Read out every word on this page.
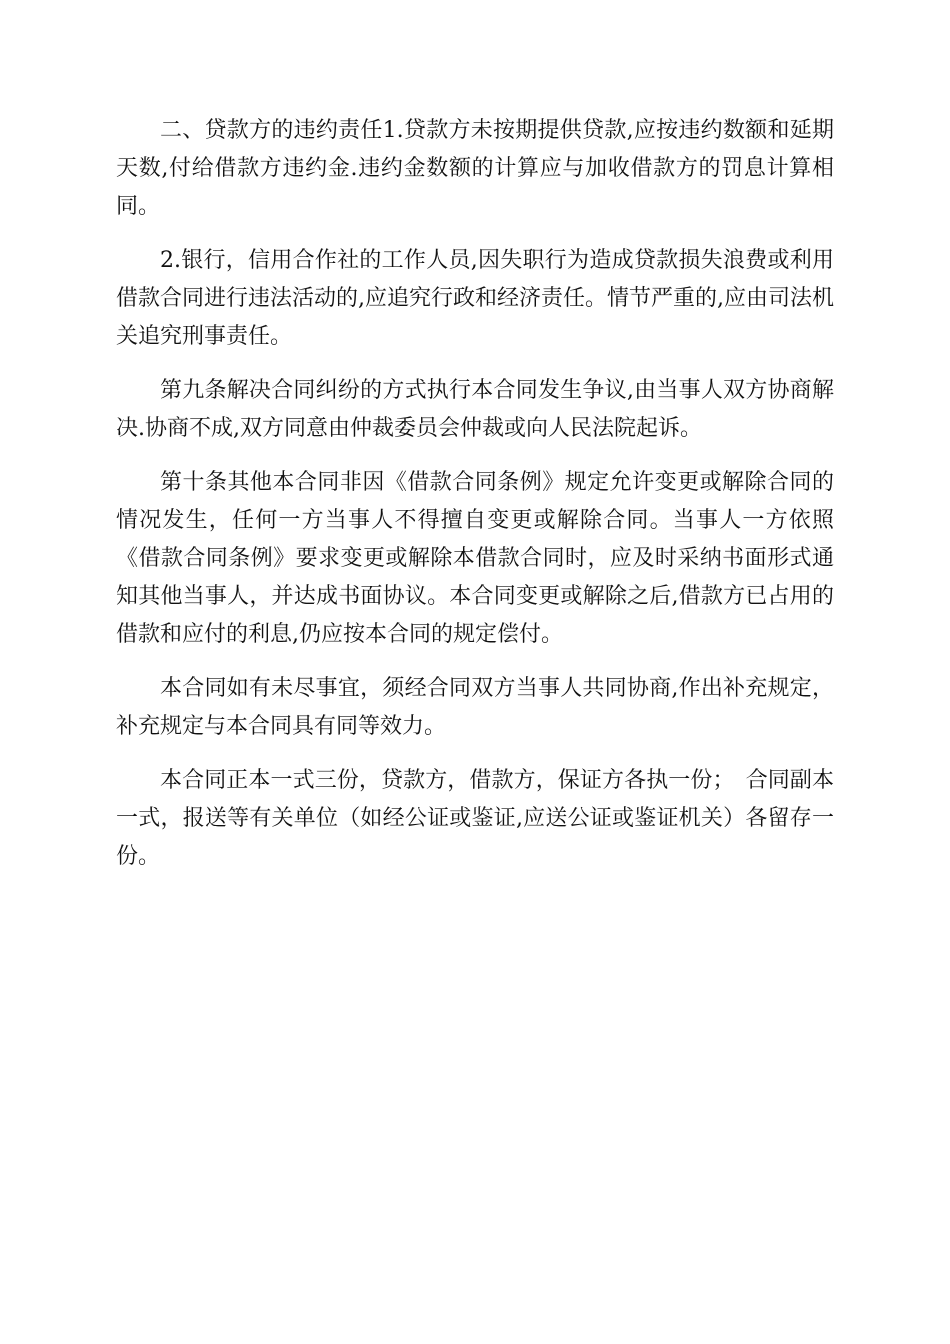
二、贷款方的违约责任1.贷款方未按期提供贷款,应按违约数额和延期天数,付给借款方违约金.违约金数额的计算应与加收借款方的罚息计算相同。

2.银行，信用合作社的工作人员,因失职行为造成贷款损失浪费或利用借款合同进行违法活动的,应追究行政和经济责任。情节严重的,应由司法机关追究刑事责任。

第九条解决合同纠纷的方式执行本合同发生争议,由当事人双方协商解决.协商不成,双方同意由仲裁委员会仲裁或向人民法院起诉。

第十条其他本合同非因《借款合同条例》规定允许变更或解除合同的情况发生，任何一方当事人不得擅自变更或解除合同。当事人一方依照《借款合同条例》要求变更或解除本借款合同时，应及时采纳书面形式通知其他当事人，并达成书面协议。本合同变更或解除之后,借款方已占用的借款和应付的利息,仍应按本合同的规定偿付。

本合同如有未尽事宜，须经合同双方当事人共同协商,作出补充规定，补充规定与本合同具有同等效力。

本合同正本一式三份，贷款方，借款方，保证方各执一份；　合同副本一式，报送等有关单位（如经公证或鉴证,应送公证或鉴证机关）各留存一份。
